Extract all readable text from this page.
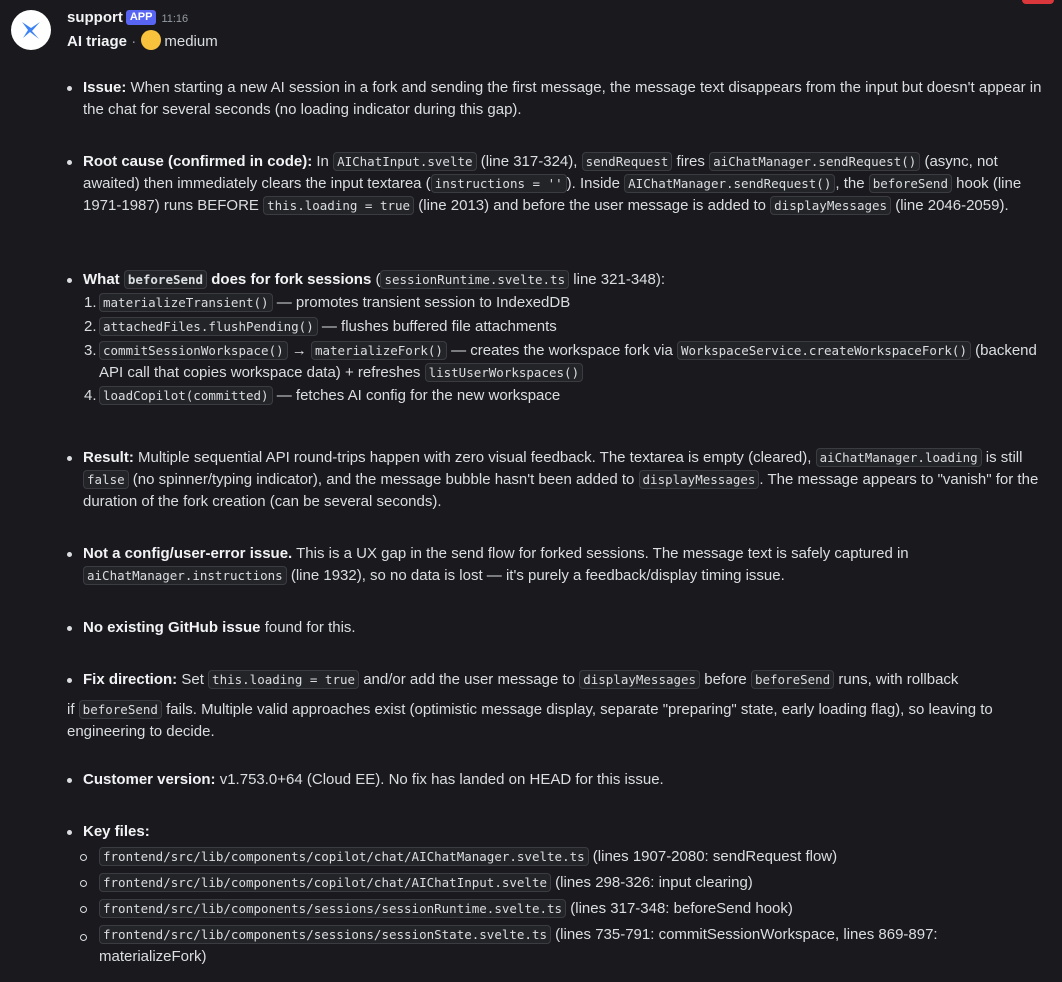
support APP 11:16
AI triage · medium
Issue: When starting a new AI session in a fork and sending the first message, the message text disappears from the input but doesn't appear in the chat for several seconds (no loading indicator during this gap).
Root cause (confirmed in code): In AIChatInput.svelte (line 317-324), sendRequest fires aiChatManager.sendRequest() (async, not awaited) then immediately clears the input textarea ( instructions = '' ). Inside AIChatManager.sendRequest() , the beforeSend hook (line 1971-1987) runs BEFORE this.loading = true (line 2013) and before the user message is added to displayMessages (line 2046-2059).
What beforeSend does for fork sessions ( sessionRuntime.svelte.ts line 321-348):
1. materializeTransient() — promotes transient session to IndexedDB
2. attachedFiles.flushPending() — flushes buffered file attachments
3. commitSessionWorkspace() → materializeFork() — creates the workspace fork via WorkspaceService.createWorkspaceFork() (backend API call that copies workspace data) + refreshes listUserWorkspaces()
4. loadCopilot(committed) — fetches AI config for the new workspace
Result: Multiple sequential API round-trips happen with zero visual feedback. The textarea is empty (cleared), aiChatManager.loading is still false (no spinner/typing indicator), and the message bubble hasn't been added to displayMessages . The message appears to "vanish" for the duration of the fork creation (can be several seconds).
Not a config/user-error issue. This is a UX gap in the send flow for forked sessions. The message text is safely captured in aiChatManager.instructions (line 1932), so no data is lost — it's purely a feedback/display timing issue.
No existing GitHub issue found for this.
Fix direction: Set this.loading = true and/or add the user message to displayMessages before beforeSend runs, with rollback
if beforeSend fails. Multiple valid approaches exist (optimistic message display, separate "preparing" state, early loading flag), so leaving to engineering to decide.
Customer version: v1.753.0+64 (Cloud EE). No fix has landed on HEAD for this issue.
Key files:
frontend/src/lib/components/copilot/chat/AIChatManager.svelte.ts (lines 1907-2080: sendRequest flow)
frontend/src/lib/components/copilot/chat/AIChatInput.svelte (lines 298-326: input clearing)
frontend/src/lib/components/sessions/sessionRuntime.svelte.ts (lines 317-348: beforeSend hook)
frontend/src/lib/components/sessions/sessionState.svelte.ts (lines 735-791: commitSessionWorkspace, lines 869-897: materializeFork)
